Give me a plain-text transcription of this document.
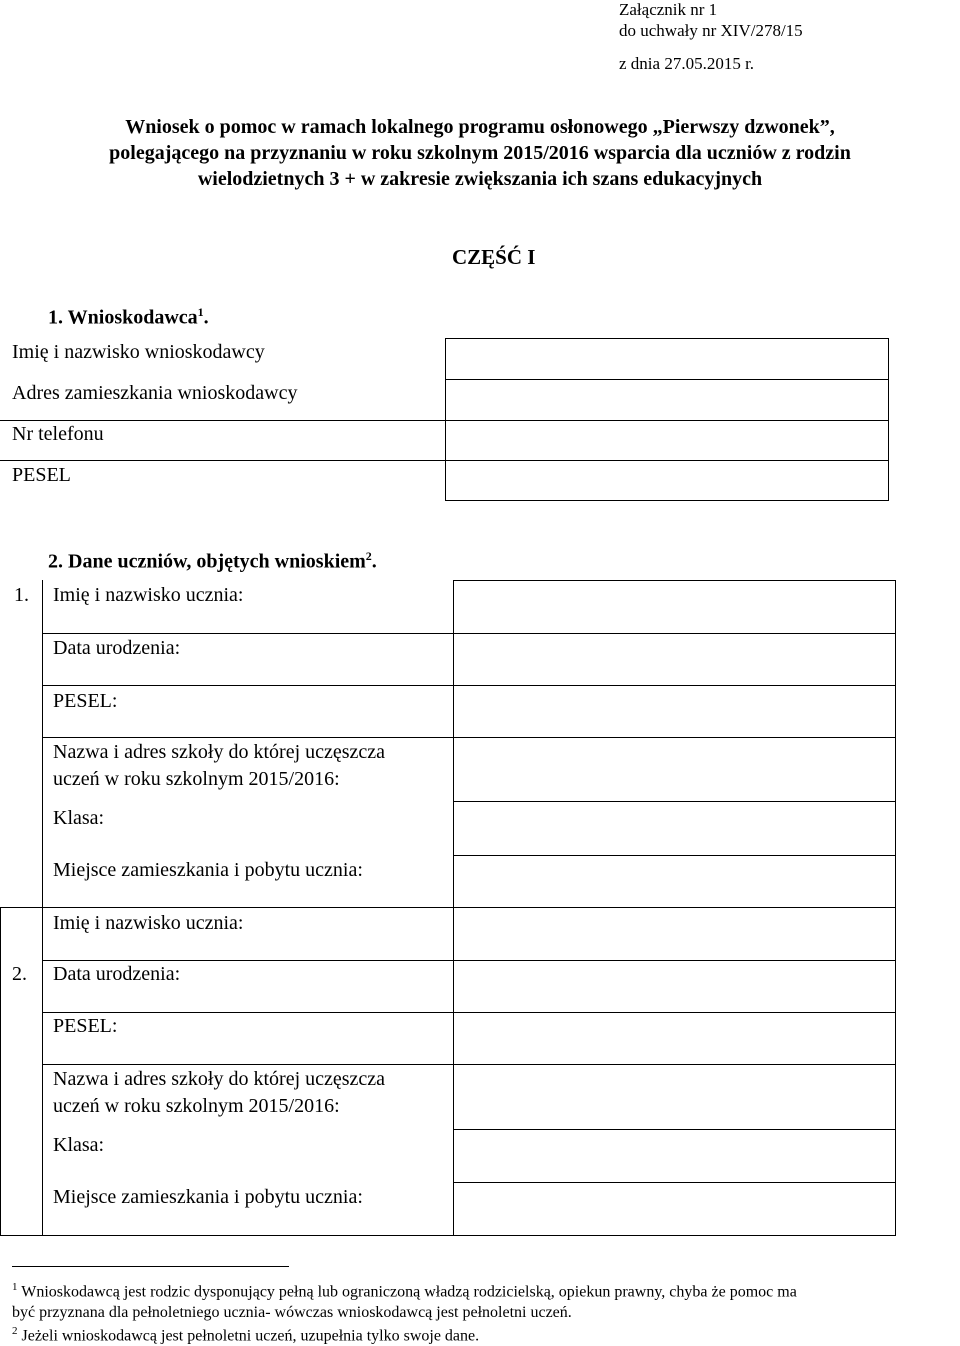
Załącznik nr 1
do uchwały nr XIV/278/15
z dnia 27.05.2015 r.
Wniosek o pomoc w ramach lokalnego programu osłonowego „Pierwszy dzwonek”,
polegającego na przyznaniu w roku szkolnym 2015/2016 wsparcia dla uczniów z rodzin
wielodzietnych 3 + w zakresie zwiększania ich szans edukacyjnych
CZĘŚĆ I
1. Wnioskodawca$^1$.
Imię i nazwisko wnioskodawcy
Adres zamieszkania wnioskodawcy
Nr telefonu
PESEL
2. Dane uczniów, objętych wnioskiem$^2$.
1. Imię i nazwisko ucznia:
Data urodzenia:
PESEL:
Nazwa i adres szkoły do której uczęszcza
uczeń w roku szkolnym 2015/2016:
Klasa:
Miejsce zamieszkania i pobytu ucznia:
2.
Imię i nazwisko ucznia:
Data urodzenia:
PESEL:
Nazwa i adres szkoły do której uczęszcza
uczeń w roku szkolnym 2015/2016:
Klasa:
Miejsce zamieszkania i pobytu ucznia:
$^1$ Wnioskodawcą jest rodzic dysponujący pełną lub ograniczoną władzą rodzicielską, opiekun prawny, chyba że pomoc ma
być przyznana dla pełnoletniego ucznia- wówczas wnioskodawcą jest pełnoletni uczeń.
$^2$ Jeżeli wnioskodawcą jest pełnoletni uczeń, uzupełnia tylko swoje dane.
